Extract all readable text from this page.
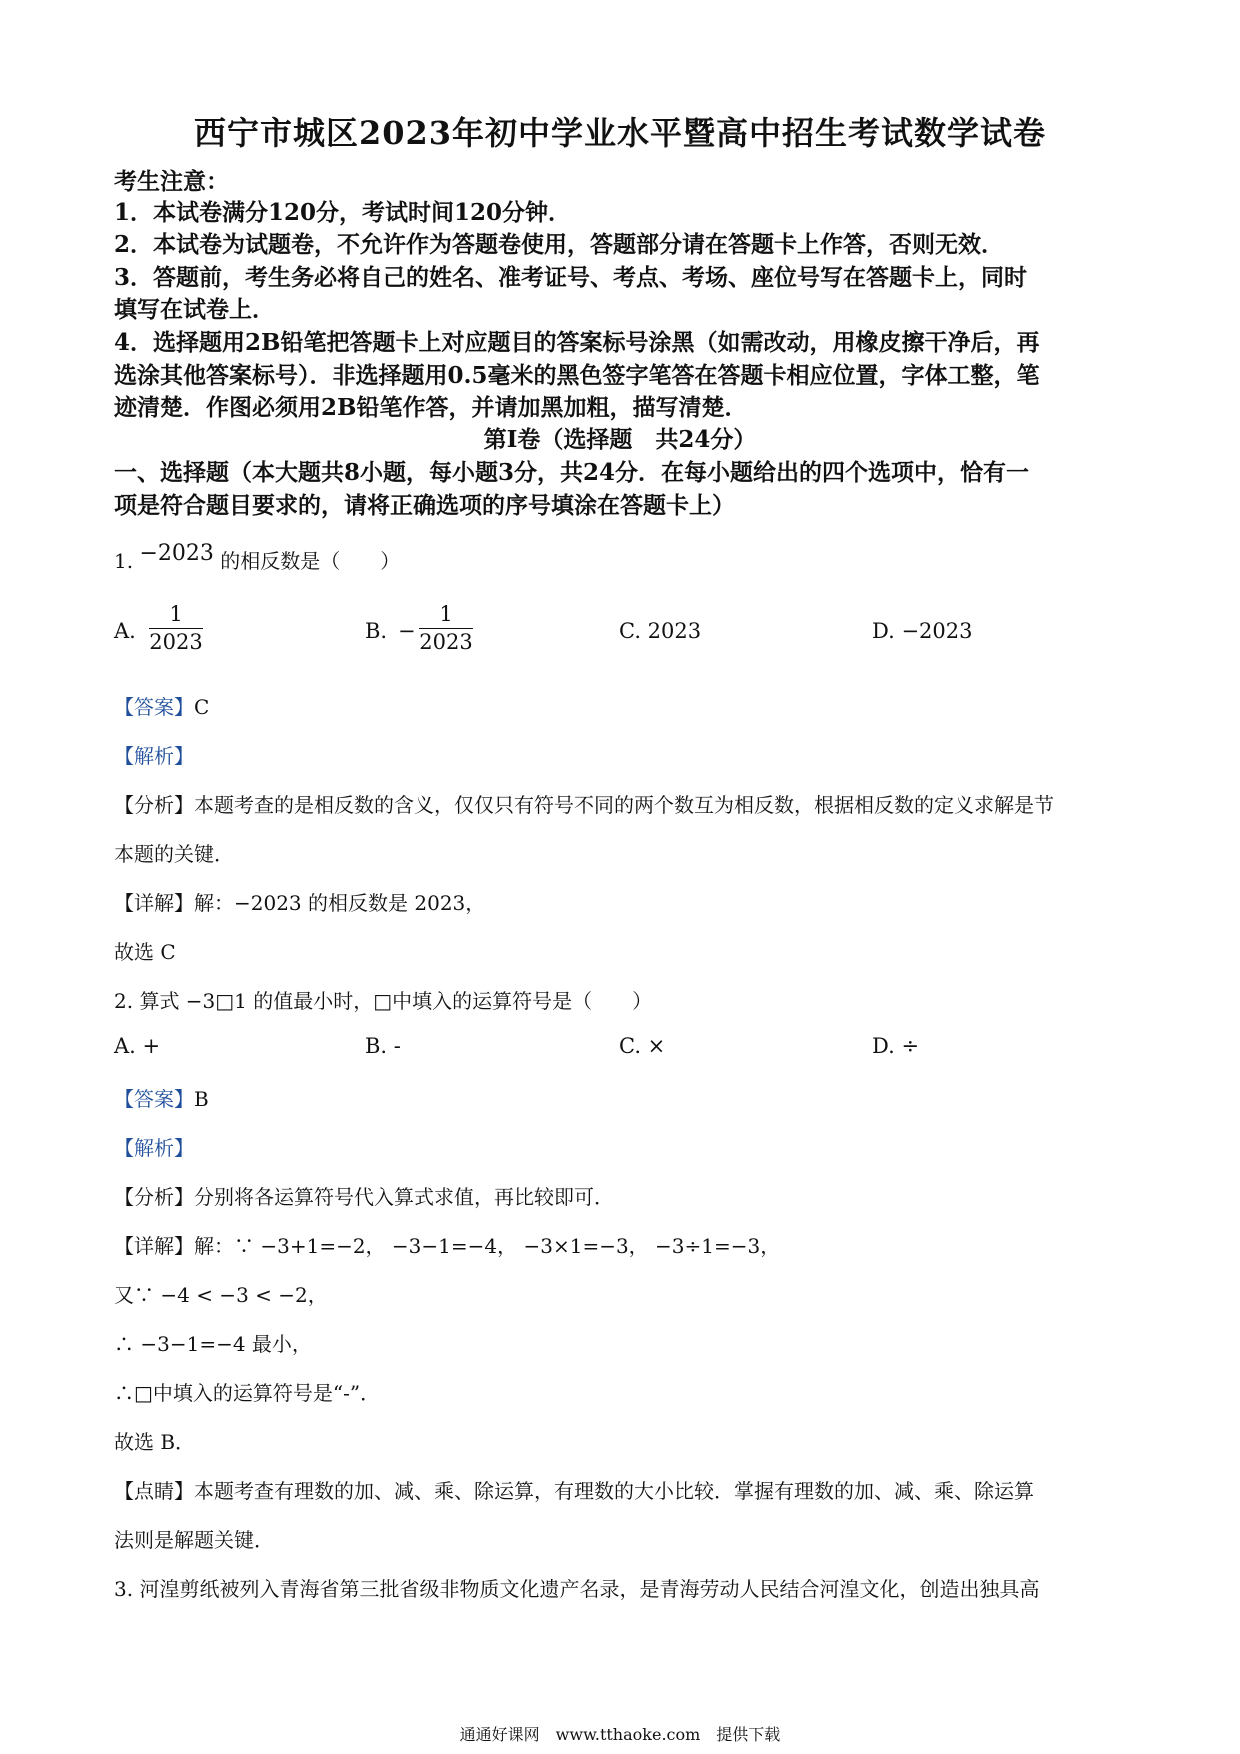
西宁市城区2023年初中学业水平暨高中招生考试数学试卷
考生注意：
1．本试卷满分120分，考试时间120分钟．
2．本试卷为试题卷，不允许作为答题卷使用，答题部分请在答题卡上作答，否则无效．
3．答题前，考生务必将自己的姓名、准考证号、考点、考场、座位号写在答题卡上，同时
填写在试卷上．
4．选择题用2B铅笔把答题卡上对应题目的答案标号涂黑（如需改动，用橡皮擦干净后，再
选涂其他答案标号）．非选择题用0.5毫米的黑色签字笔答在答题卡相应位置，字体工整，笔
迹清楚．作图必须用2B铅笔作答，并请加黑加粗，描写清楚．
第Ⅰ卷（选择题　共24分）
一、选择题（本大题共8小题，每小题3分，共24分．在每小题给出的四个选项中，恰有一
项是符合题目要求的，请将正确选项的序号填涂在答题卡上）
1. −2023 的相反数是（　　）
A.
1
2023	B. −
1
2023	C. 2023	D. −2023
【答案】C
【解析】
【分析】本题考查的是相反数的含义，仅仅只有符号不同的两个数互为相反数，根据相反数的定义求解是节
本题的关键．
【详解】解：−2023 的相反数是 2023，
故选 C
2. 算式 −3□1 的值最小时，□中填入的运算符号是（　　）
A. +	B. -	C. ×	D. ÷
【答案】B
【解析】
【分析】分别将各运算符号代入算式求值，再比较即可．
【详解】解：∵ −3+1=−2， −3−1=−4， −3×1=−3， −3÷1=−3，
又∵ −4 < −3 < −2，
∴ −3−1=−4 最小，
∴□中填入的运算符号是“-”．
故选 B．
【点睛】本题考查有理数的加、减、乘、除运算，有理数的大小比较．掌握有理数的加、减、乘、除运算
法则是解题关键．
3. 河湟剪纸被列入青海省第三批省级非物质文化遗产名录，是青海劳动人民结合河湟文化，创造出独具高
通通好课网　www.tthaoke.com　提供下载
